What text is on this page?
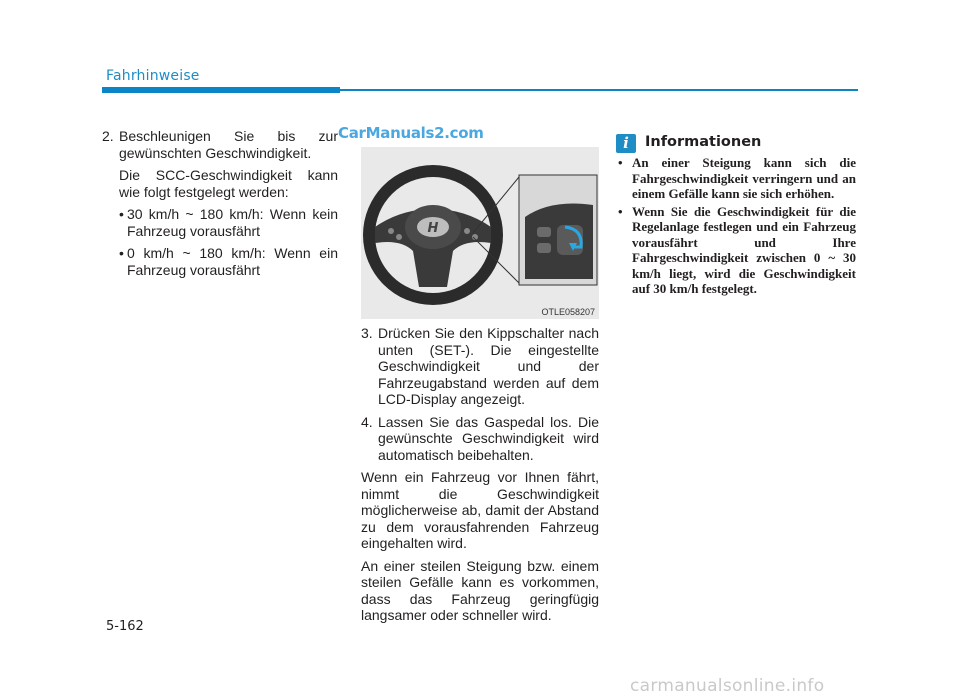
Fahrhinweise
2. Beschleunigen Sie bis zur gewünschten Geschwindigkeit.

Die SCC-Geschwindigkeit kann wie folgt festgelegt werden:

• 30 km/h ~ 180 km/h: Wenn kein Fahrzeug vorausfährt
• 0 km/h ~ 180 km/h: Wenn ein Fahrzeug vorausfährt
CarManuals2.com
H
OTLE058207
3. Drücken Sie den Kippschalter nach unten (SET-). Die eingestellte Geschwindigkeit und der Fahrzeugabstand werden auf dem LCD-Display angezeigt.
4. Lassen Sie das Gaspedal los. Die gewünschte Geschwindigkeit wird automatisch beibehalten.

Wenn ein Fahrzeug vor Ihnen fährt, nimmt die Geschwindigkeit möglicherweise ab, damit der Abstand zu dem vorausfahrenden Fahrzeug eingehalten wird.

An einer steilen Steigung bzw. einem steilen Gefälle kann es vorkommen, dass das Fahrzeug geringfügig langsamer oder schneller wird.

i	Informationen
• An einer Steigung kann sich die Fahrgeschwindigkeit verringern und an einem Gefälle kann sie sich erhöhen.
• Wenn Sie die Geschwindigkeit für die Regelanlage festlegen und ein Fahrzeug vorausfährt und Ihre Fahrgeschwindigkeit zwischen 0 ~ 30 km/h liegt, wird die Geschwindigkeit auf 30 km/h festgelegt.
5-162
carmanualsonline.info
